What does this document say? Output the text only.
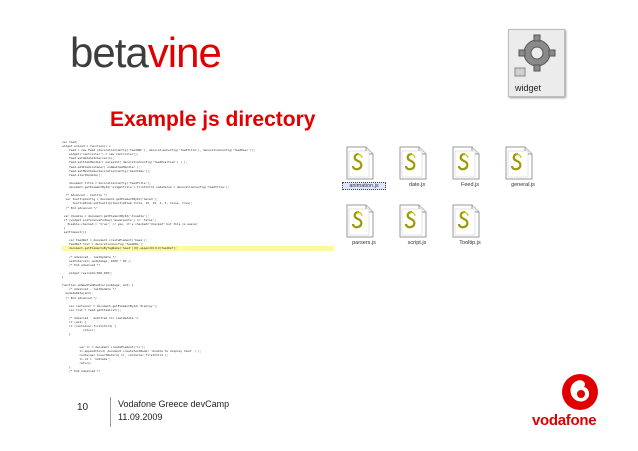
betavine
widget
Example js directory
var feed;
widget.onload = function() {
feed = new Feed (decorationConfig('feedURL'), decorationConfig('feedTitle'), decorationConfig('feedDesc'));
widget('controller') = new Controller();
feed.setUpdateInterval(1);
feed.setItemHandler( parseInt( decorationConfig('feedPosition') ) );
feed.addItemListener( onNewItemHandler );
feed.setMaxItems(decorationConfig('maxItems'));
feed.startUpdate();
document.title = decorationConfig('feedTitle');
document.getElementById('widgetTitle').firstChild.nodeValue = decorationConfig('feedTitle');
/* Advanced - tooltip */
var tooltipConfig = document.getElementById('moved');
tooltipElem.setTooltip(tooltipElem.title, 10, 10, 4, 5, false, true);
/* End advanced */
var disable = document.getElementById('disable');
if (widget.preferenceForKey('moveCounts') == 'false')
disable.checked = 'true'; // yes, it's checked="checked" but this is easier
}
setTimeout(){
var feedRef = document.createElement('base');
feedRef.href = decorationConfig('feedURL');
document.getElementsByTagName('head')[0].appendChild(feedRef);
/* Advanced - lastUpdate */
setInterval( updateAge, 1000 * 60 );
/* End advanced */
widget.resizeTo(400,250);
}
function onNewItemHandler(anImage, anI) {
/* Advanced - lastUpdate */
updateDate(anI);
/* End advanced */
var container = document.getElementById('display');
var list = feed.getItemList();
/* Advanced - modified for lastUpdate */
if (anI) {
if (container.firstChild) {
return;
}
var li = document.createElement('li');
li.appendChild( document.createTextNode( 'Unable to display feed' ) );
container.insertBefore( li, container.firstChild );
li.id = 'noItems';
return;
}
/* End advanced */
animation.js	date.js	Feed.js	general.js
parsers.js	script.js	Tooltip.js
10	Vodafone Greece devCamp
11.09.2009	vodafone
